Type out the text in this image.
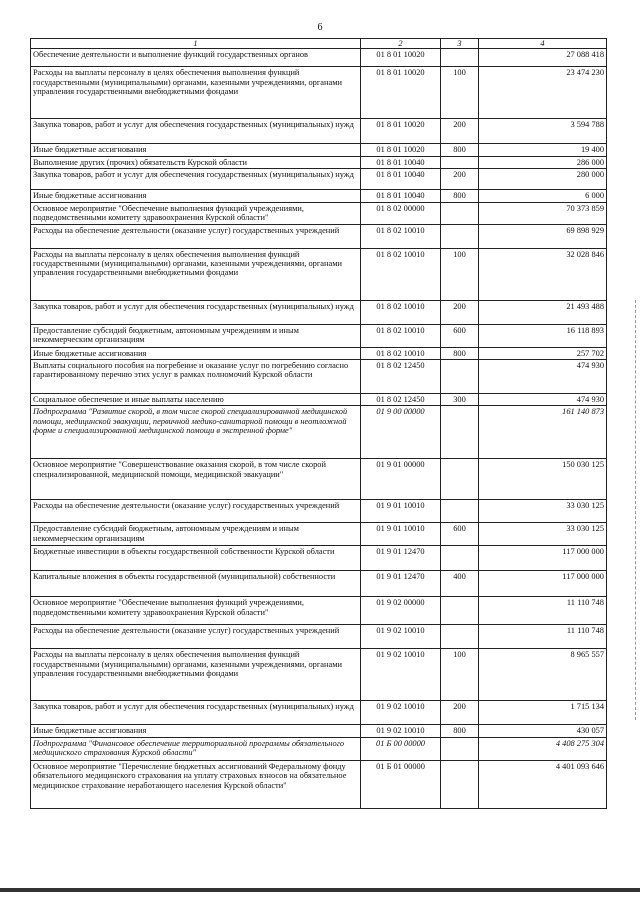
6
1	2	3	4
Обеспечение деятельности и выполнение функций государственных органов	01 8 01 10020		27 088 418
Расходы на выплаты персоналу в целях обеспечения выполнения функций государственными (муниципальными) органами, казенными учреждениями, органами управления государственными внебюджетными фондами	01 8 01 10020	100	23 474 230
Закупка товаров, работ и услуг для обеспечения государственных (муниципальных) нужд	01 8 01 10020	200	3 594 788
Иные бюджетные ассигнования	01 8 01 10020	800	19 400
Выполнение других (прочих) обязательств Курской области	01 8 01 10040		286 000
Закупка товаров, работ и услуг для обеспечения государственных (муниципальных) нужд	01 8 01 10040	200	280 000
Иные бюджетные ассигнования	01 8 01 10040	800	6 000
Основное мероприятие "Обеспечение выполнения функций учреждениями, подведомственными комитету здравоохранения Курской области"	01 8 02 00000		70 373 859
Расходы на обеспечение деятельности (оказание услуг) государственных учреждений	01 8 02 10010		69 898 929
Расходы на выплаты персоналу в целях обеспечения выполнения функций государственными (муниципальными) органами, казенными учреждениями, органами управления государственными внебюджетными фондами	01 8 02 10010	100	32 028 846
Закупка товаров, работ и услуг для обеспечения государственных (муниципальных) нужд	01 8 02 10010	200	21 493 488
Предоставление субсидий бюджетным, автономным учреждениям и иным некоммерческим организациям	01 8 02 10010	600	16 118 893
Иные бюджетные ассигнования	01 8 02 10010	800	257 702
Выплаты социального пособия на погребение и оказание услуг по погребению согласно гарантированному перечню этих услуг в рамках полномочий Курской области	01 8 02 12450		474 930
Социальное обеспечение и иные выплаты населению	01 8 02 12450	300	474 930
Подпрограмма "Развитие скорой, в том числе скорой специализированной медицинской помощи, медицинской эвакуации, первичной медико-санитарной помощи в неотложной форме и специализированной медицинской помощи в экстренной форме"	01 9 00 00000		161 140 873
Основное мероприятие "Совершенствование оказания скорой, в том числе скорой специализированной, медицинской помощи, медицинской эвакуации"	01 9 01 00000		150 030 125
Расходы на обеспечение деятельности (оказание услуг) государственных учреждений	01 9 01 10010		33 030 125
Предоставление субсидий бюджетным, автономным учреждениям и иным некоммерческим организациям	01 9 01 10010	600	33 030 125
Бюджетные инвестиции в объекты государственной собственности Курской области	01 9 01 12470		117 000 000
Капитальные вложения в объекты государственной (муниципальной) собственности	01 9 01 12470	400	117 000 000
Основное мероприятие "Обеспечение выполнения функций учреждениями, подведомственными комитету здравоохранения Курской области"	01 9 02 00000		11 110 748
Расходы на обеспечение деятельности (оказание услуг) государственных учреждений	01 9 02 10010		11 110 748
Расходы на выплаты персоналу в целях обеспечения выполнения функций государственными (муниципальными) органами, казенными учреждениями, органами управления государственными внебюджетными фондами	01 9 02 10010	100	8 965 557
Закупка товаров, работ и услуг для обеспечения государственных (муниципальных) нужд	01 9 02 10010	200	1 715 134
Иные бюджетные ассигнования	01 9 02 10010	800	430 057
Подпрограмма "Финансовое обеспечение территориальной программы обязательного медицинского страхования Курской области"	01 Б 00 00000		4 408 275 304
Основное мероприятие "Перечисление бюджетных ассигнований Федеральному фонду обязательного медицинского страхования на уплату страховых взносов на обязательное медицинское страхование неработающего населения Курской области"	01 Б 01 00000		4 401 093 646
